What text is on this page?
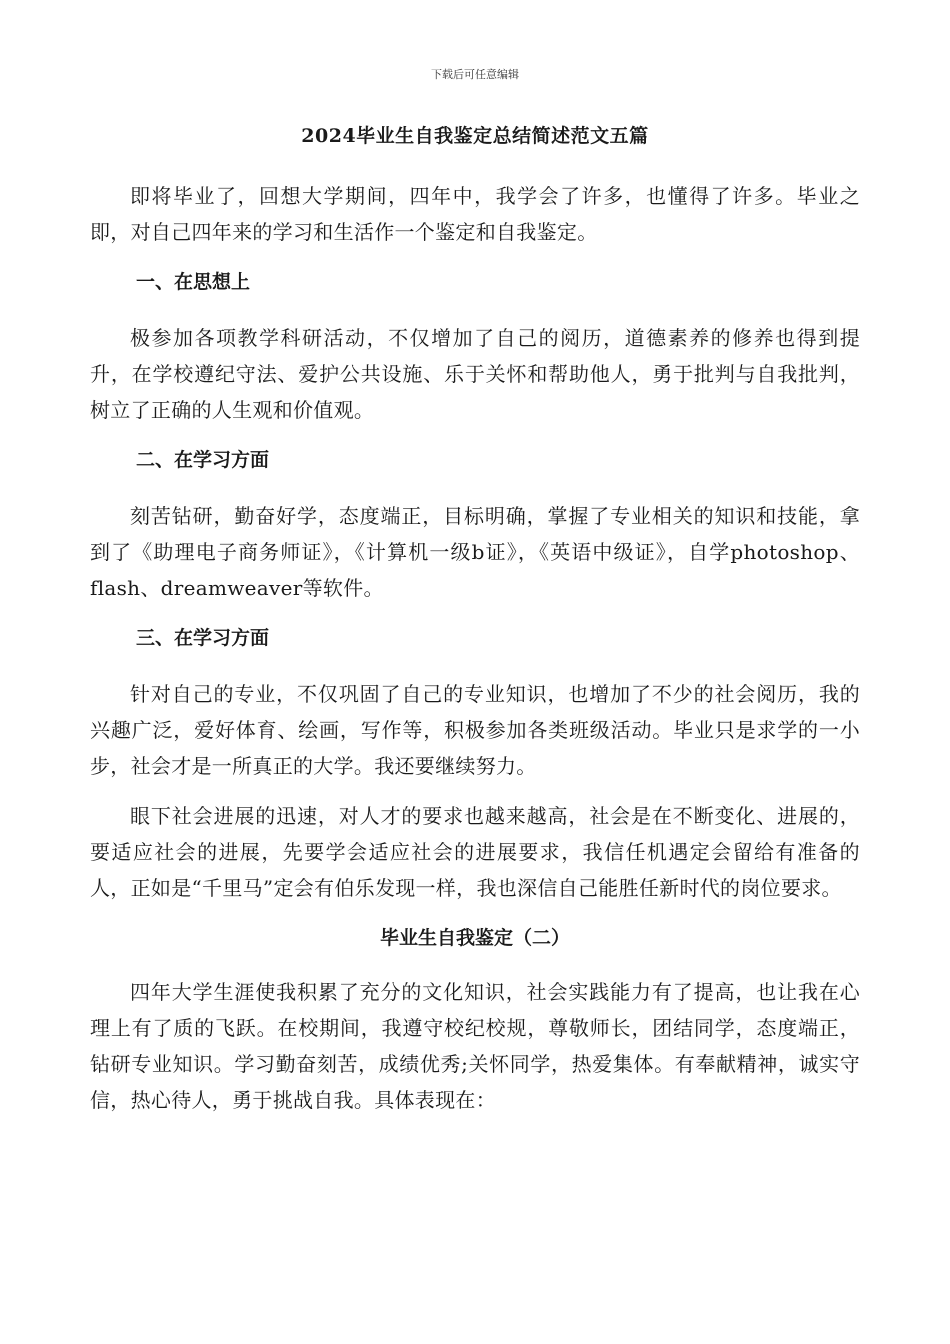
下载后可任意编辑
2024毕业生自我鉴定总结简述范文五篇

即将毕业了，回想大学期间，四年中，我学会了许多，也懂得了许多。毕业之即，对自己四年来的学习和生活作一个鉴定和自我鉴定。

一、在思想上

极参加各项教学科研活动，不仅增加了自己的阅历，道德素养的修养也得到提升，在学校遵纪守法、爱护公共设施、乐于关怀和帮助他人，勇于批判与自我批判，树立了正确的人生观和价值观。

二、在学习方面

刻苦钻研，勤奋好学，态度端正，目标明确，掌握了专业相关的知识和技能，拿到了《助理电子商务师证》，《计算机一级b证》，《英语中级证》，自学photoshop、flash、dreamweaver等软件。

三、在学习方面

针对自己的专业，不仅巩固了自己的专业知识，也增加了不少的社会阅历，我的兴趣广泛，爱好体育、绘画，写作等，积极参加各类班级活动。毕业只是求学的一小步，社会才是一所真正的大学。我还要继续努力。

眼下社会进展的迅速，对人才的要求也越来越高，社会是在不断变化、进展的，要适应社会的进展，先要学会适应社会的进展要求，我信任机遇定会留给有准备的人，正如是“千里马”定会有伯乐发现一样，我也深信自己能胜任新时代的岗位要求。

毕业生自我鉴定（二）

四年大学生涯使我积累了充分的文化知识，社会实践能力有了提高，也让我在心理上有了质的飞跃。在校期间，我遵守校纪校规，尊敬师长，团结同学，态度端正，钻研专业知识。学习勤奋刻苦，成绩优秀;关怀同学，热爱集体。有奉献精神，诚实守信，热心待人，勇于挑战自我。具体表现在：
